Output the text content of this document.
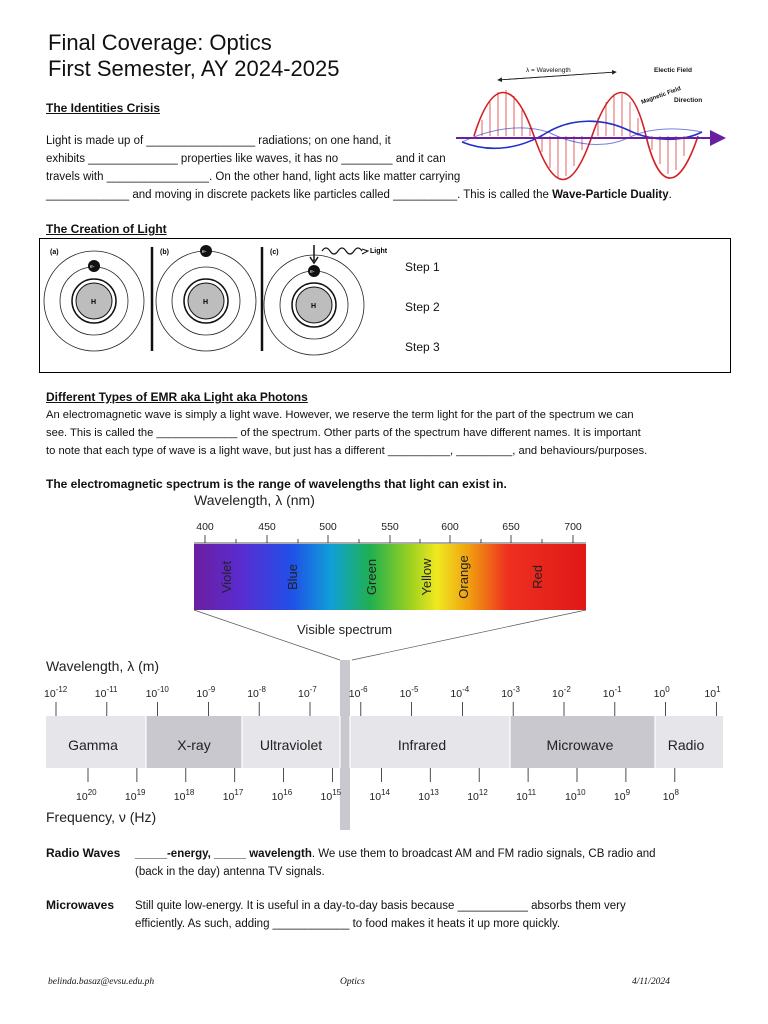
Final Coverage: Optics
First Semester, AY 2024-2025	λ = Wavelength	Electic Field
Magnetic Field
Direction
The Identities Crisis
Light is made up of _________________ radiations; on one hand, it
exhibits ______________ properties like waves, it has no ________ and it can
travels with ________________. On the other hand, light acts like matter carrying
_____________ and moving in discrete packets like particles called __________. This is called the Wave-Particle Duality.
The Creation of Light
(a)
H
e-
(b)
H
e-	(c)
H
e-
Light
Step 1
Step 2
Step 3
Different Types of EMR aka Light aka Photons
An electromagnetic wave is simply a light wave. However, we reserve the term light for the part of the spectrum we can
see. This is called the _____________ of the spectrum. Other parts of the spectrum have different names. It is important
to note that each type of wave is a light wave, but just has a different __________, _________, and behaviours/purposes.
The electromagnetic spectrum is the range of wavelengths that light can exist in.
Wavelength, λ (nm)
400	450	500	550	600	650	700
Violet	Blue	Green	Yellow Orange	Red
Visible spectrum
Wavelength, λ (m)
$10^{-12}$	$10^{-11}$	$10^{-10}$	$10^{-9}$	$10^{-8}$	$10^{-7}$	$10^{-6}$	$10^{-5}$	$10^{-4}$	$10^{-3}$	$10^{-2}$	$10^{-1}$	$10^0$	$10^1$
Gamma	X-ray	Ultraviolet	Infrared	Microwave	Radio
$10^{20}$	$10^{19}$	$10^{18}$	$10^{17}$	$10^{16}$	$10^{15}$	$10^{14}$	$10^{13}$	$10^{12}$	$10^{11}$	$10^{10}$	$10^9$	$10^8$
Frequency, ν (Hz)
Radio Waves _____-energy, _____ wavelength. We use them to broadcast AM and FM radio signals, CB radio and
(back in the day) antenna TV signals.
Microwaves Still quite low-energy. It is useful in a day-to-day basis because ___________ absorbs them very
efficiently. As such, adding ____________ to food makes it heats it up more quickly.
belinda.basaz@evsu.edu.ph	Optics	4/11/2024
